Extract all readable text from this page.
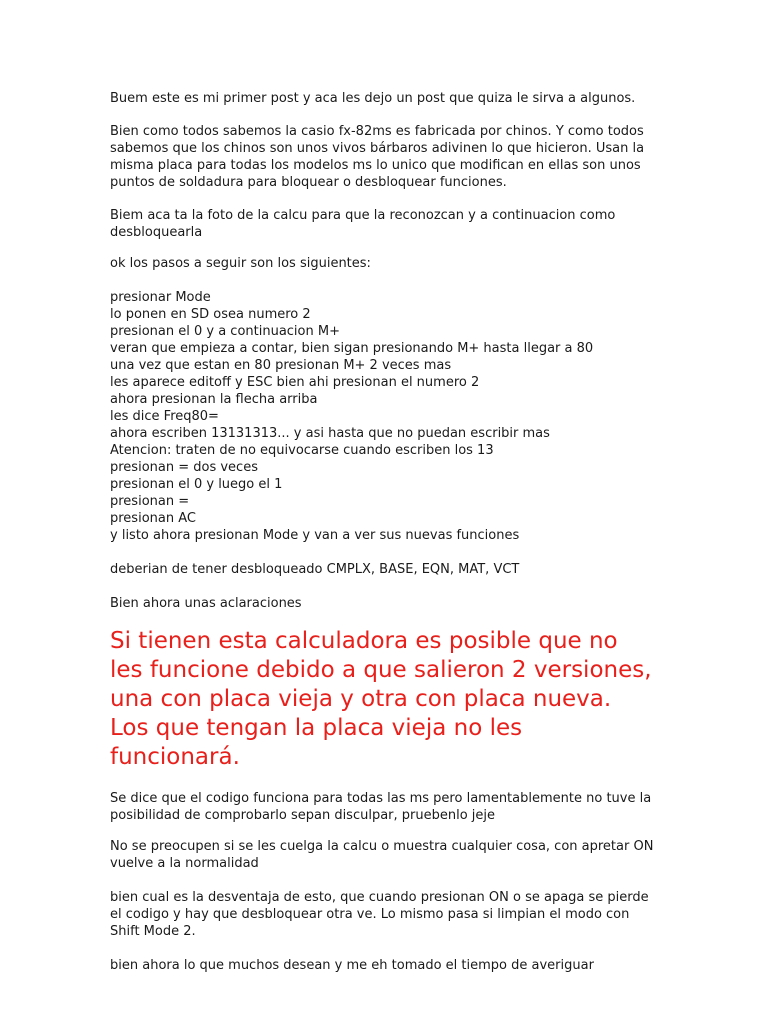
Buem este es mi primer post y aca les dejo un post que quiza le sirva a algunos.

Bien como todos sabemos la casio fx-82ms es fabricada por chinos. Y como todos
sabemos que los chinos son unos vivos bárbaros adivinen lo que hicieron. Usan la
misma placa para todas los modelos ms lo unico que modifican en ellas son unos
puntos de soldadura para bloquear o desbloquear funciones.

Biem aca ta la foto de la calcu para que la reconozcan y a continuacion como
desbloquearla

ok los pasos a seguir son los siguientes:

presionar Mode
lo ponen en SD osea numero 2
presionan el 0 y a continuacion M+
veran que empieza a contar, bien sigan presionando M+ hasta llegar a 80
una vez que estan en 80 presionan M+ 2 veces mas
les aparece editoff y ESC bien ahi presionan el numero 2
ahora presionan la flecha arriba
les dice Freq80=
ahora escriben 13131313... y asi hasta que no puedan escribir mas
Atencion: traten de no equivocarse cuando escriben los 13
presionan = dos veces
presionan el 0 y luego el 1
presionan =
presionan AC
y listo ahora presionan Mode y van a ver sus nuevas funciones

deberian de tener desbloqueado CMPLX, BASE, EQN, MAT, VCT

Bien ahora unas aclaraciones

Si tienen esta calculadora es posible que no
les funcione debido a que salieron 2 versiones,
una con placa vieja y otra con placa nueva.
Los que tengan la placa vieja no les
funcionará.

Se dice que el codigo funciona para todas las ms pero lamentablemente no tuve la
posibilidad de comprobarlo sepan disculpar, pruebenlo jeje

No se preocupen si se les cuelga la calcu o muestra cualquier cosa, con apretar ON
vuelve a la normalidad

bien cual es la desventaja de esto, que cuando presionan ON o se apaga se pierde
el codigo y hay que desbloquear otra ve. Lo mismo pasa si limpian el modo con
Shift Mode 2.

bien ahora lo que muchos desean y me eh tomado el tiempo de averiguar
